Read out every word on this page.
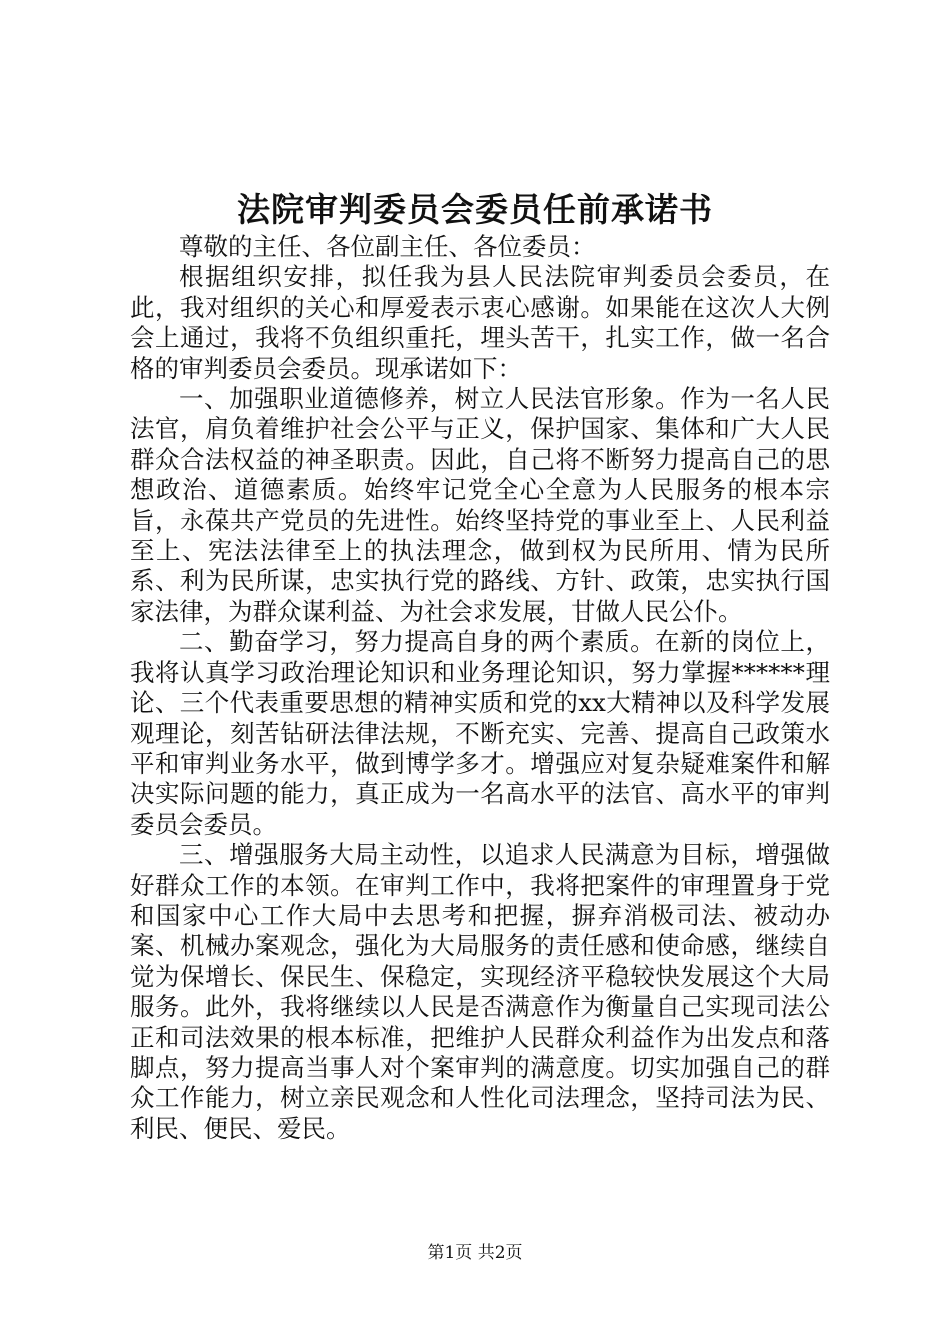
法院审判委员会委员任前承诺书

尊敬的主任、各位副主任、各位委员：

根据组织安排，拟任我为县人民法院审判委员会委员，在此，我对组织的关心和厚爱表示衷心感谢。如果能在这次人大例会上通过，我将不负组织重托，埋头苦干，扎实工作，做一名合格的审判委员会委员。现承诺如下：

一、加强职业道德修养，树立人民法官形象。作为一名人民法官，肩负着维护社会公平与正义，保护国家、集体和广大人民群众合法权益的神圣职责。因此，自己将不断努力提高自己的思想政治、道德素质。始终牢记党全心全意为人民服务的根本宗旨，永葆共产党员的先进性。始终坚持党的事业至上、人民利益至上、宪法法律至上的执法理念，做到权为民所用、情为民所系、利为民所谋，忠实执行党的路线、方针、政策，忠实执行国家法律，为群众谋利益、为社会求发展，甘做人民公仆。

二、勤奋学习，努力提高自身的两个素质。在新的岗位上，我将认真学习政治理论知识和业务理论知识，努力掌握******理论、三个代表重要思想的精神实质和党的xx大精神以及科学发展观理论，刻苦钻研法律法规，不断充实、完善、提高自己政策水平和审判业务水平，做到博学多才。增强应对复杂疑难案件和解决实际问题的能力，真正成为一名高水平的法官、高水平的审判委员会委员。

三、增强服务大局主动性，以追求人民满意为目标，增强做好群众工作的本领。在审判工作中，我将把案件的审理置身于党和国家中心工作大局中去思考和把握，摒弃消极司法、被动办案、机械办案观念，强化为大局服务的责任感和使命感，继续自觉为保增长、保民生、保稳定，实现经济平稳较快发展这个大局服务。此外，我将继续以人民是否满意作为衡量自己实现司法公正和司法效果的根本标准，把维护人民群众利益作为出发点和落脚点，努力提高当事人对个案审判的满意度。切实加强自己的群众工作能力，树立亲民观念和人性化司法理念，坚持司法为民、利民、便民、爱民。

第1页 共2页
